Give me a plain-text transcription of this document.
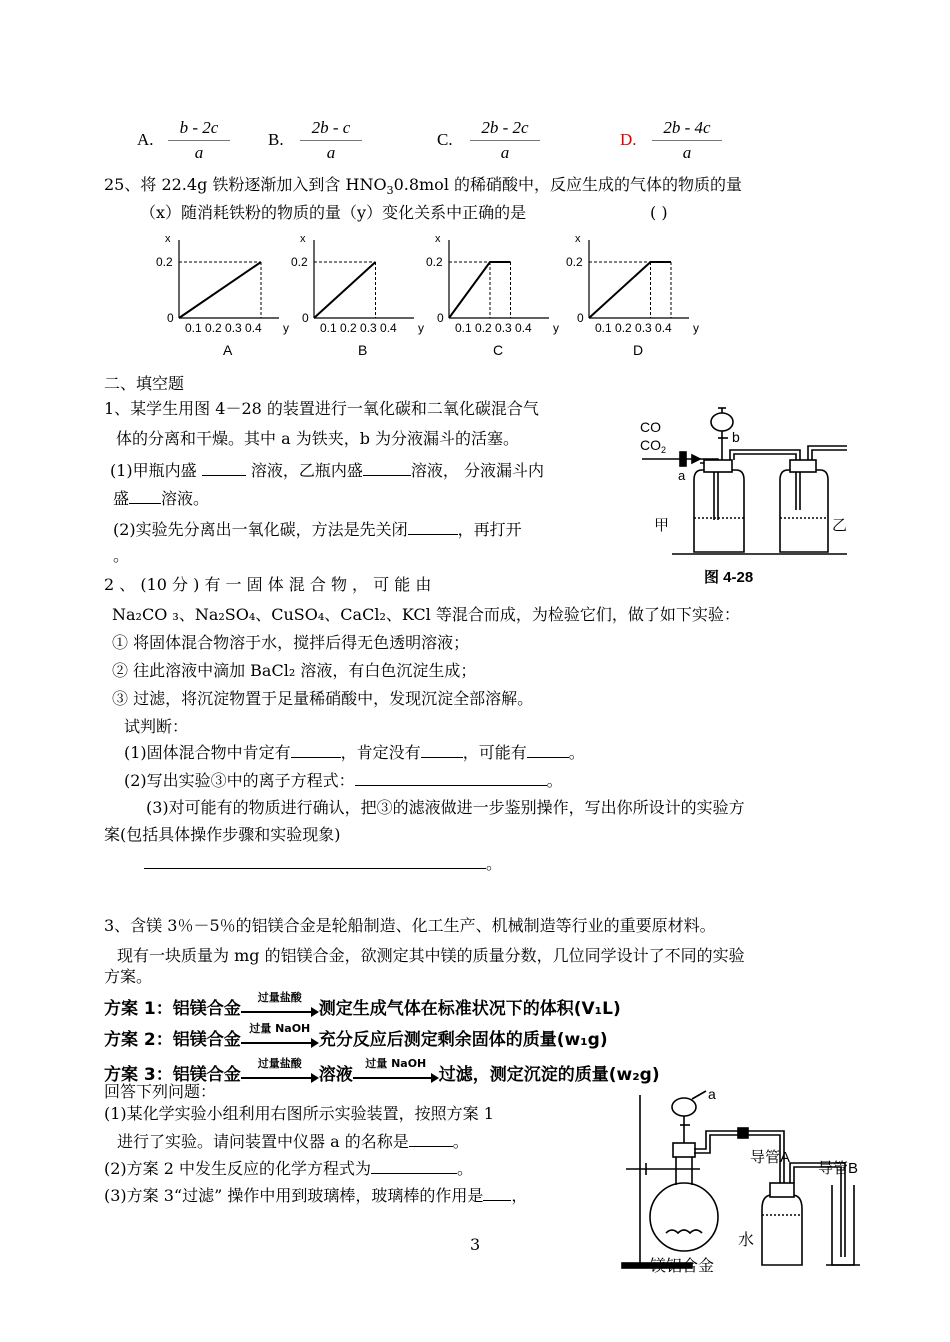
A.
b - 2c
a
B.
2b - c
a
C.
2b - 2c
a
D.
2b - 4c
a
25、将 22.4g 铁粉逐渐加入到含 $HNO_30.8mol$ 的稀硝酸中，反应生成的气体的物质的量
（x）随消耗铁粉的物质的量（y）变化关系中正确的是	( )
x
0.2
0
0.1 0.2 0.3 0.4 y
A
x
0.2
0
0.1 0.2 0.3 0.4 y
B
x
0.2
0
0.1 0.2 0.3 0.4 y
C
x
0.2
0
0.1 0.2 0.3 0.4 y
D
二、填空题
1、某学生用图 4－28 的装置进行一氧化碳和二氧化碳混合气
体的分离和干燥。其中 a 为铁夹，b 为分液漏斗的活塞。
(1)甲瓶内盛	溶液，乙瓶内盛	溶液， 分液漏斗内
盛 溶液。
(2)实验先分离出一氧化碳，方法是先关闭	，再打开
。
CO
$CO_2$
a
b
甲	乙
图 4-28
2 、 (10 分 ) 有 一 固 体 混 合 物 ， 可 能 由
Na₂CO ₃、Na₂SO₄、CuSO₄、CaCl₂、KCl 等混合而成，为检验它们，做了如下实验：
① 将固体混合物溶于水，搅拌后得无色透明溶液；
② 往此溶液中滴加 BaCl₂ 溶液，有白色沉淀生成；
③ 过滤，将沉淀物置于足量稀硝酸中，发现沉淀全部溶解。
试判断：
(1)固体混合物中肯定有	，肯定没有	，可能有	。
(2)写出实验③中的离子方程式：	。
(3)对可能有的物质进行确认，把③的滤液做进一步鉴别操作，写出你所设计的实验方
案(包括具体操作步骤和实验现象)
。
3、含镁 3％－5％的铝镁合金是轮船制造、化工生产、机械制造等行业的重要原材料。
现有一块质量为 mg 的铝镁合金，欲测定其中镁的质量分数，几位同学设计了不同的实验
方案。
方案 1：铝镁合金
过量盐酸
测定生成气体在标准状况下的体积(V₁L)
方案 2：铝镁合金
过量 NaOH
充分反应后测定剩余固体的质量(w₁g)
方案 3：铝镁合金
过量盐酸
溶液
过量 NaOH
过滤，测定沉淀的质量(w₂g)
回答下列问题：
(1)某化学实验小组利用右图所示实验装置，按照方案 1
进行了实验。请问装置中仪器 a 的名称是	。
(2)方案 2 中发生反应的化学方程式为	。
(3)方案 3“过滤” 操作中用到玻璃棒，玻璃棒的作用是 ，
a
导管A
导管B
镁铝合金
水
3
